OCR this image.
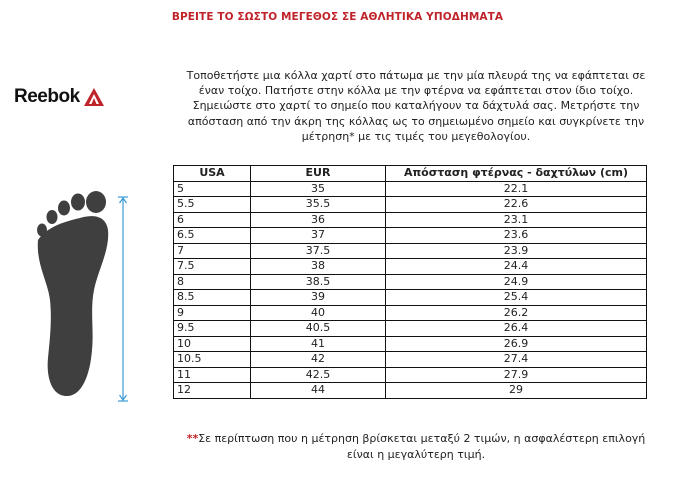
ΒΡΕΙΤΕ ΤΟ ΣΩΣΤΟ ΜΕΓΕΘΟΣ ΣΕ ΑΘΛΗΤΙΚΑ ΥΠΟΔΗΜΑΤΑ
Reebok
Τοποθετήστε μια κόλλα χαρτί στο πάτωμα με την μία πλευρά της να εφάπτεται σε έναν τοίχο. Πατήστε στην κόλλα με την φτέρνα να εφάπτεται στον ίδιο τοίχο. Σημειώστε στο χαρτί το σημείο που καταλήγουν τα δάχτυλά σας. Μετρήστε την απόσταση από την άκρη της κόλλας ως το σημειωμένο σημείο και συγκρίνετε την μέτρηση* με τις τιμές του μεγεθολογίου.
USA	EUR	Απόσταση φτέρνας - δαχτύλων (cm)
5	35	22.1
5.5	35.5	22.6
6	36	23.1
6.5	37	23.6
7	37.5	23.9
7.5	38	24.4
8	38.5	24.9
8.5	39	25.4
9	40	26.2
9.5	40.5	26.4
10	41	26.9
10.5	42	27.4
11	42.5	27.9
12	44	29
**Σε περίπτωση που η μέτρηση βρίσκεται μεταξύ 2 τιμών, η ασφαλέστερη επιλογή είναι η μεγαλύτερη τιμή.
